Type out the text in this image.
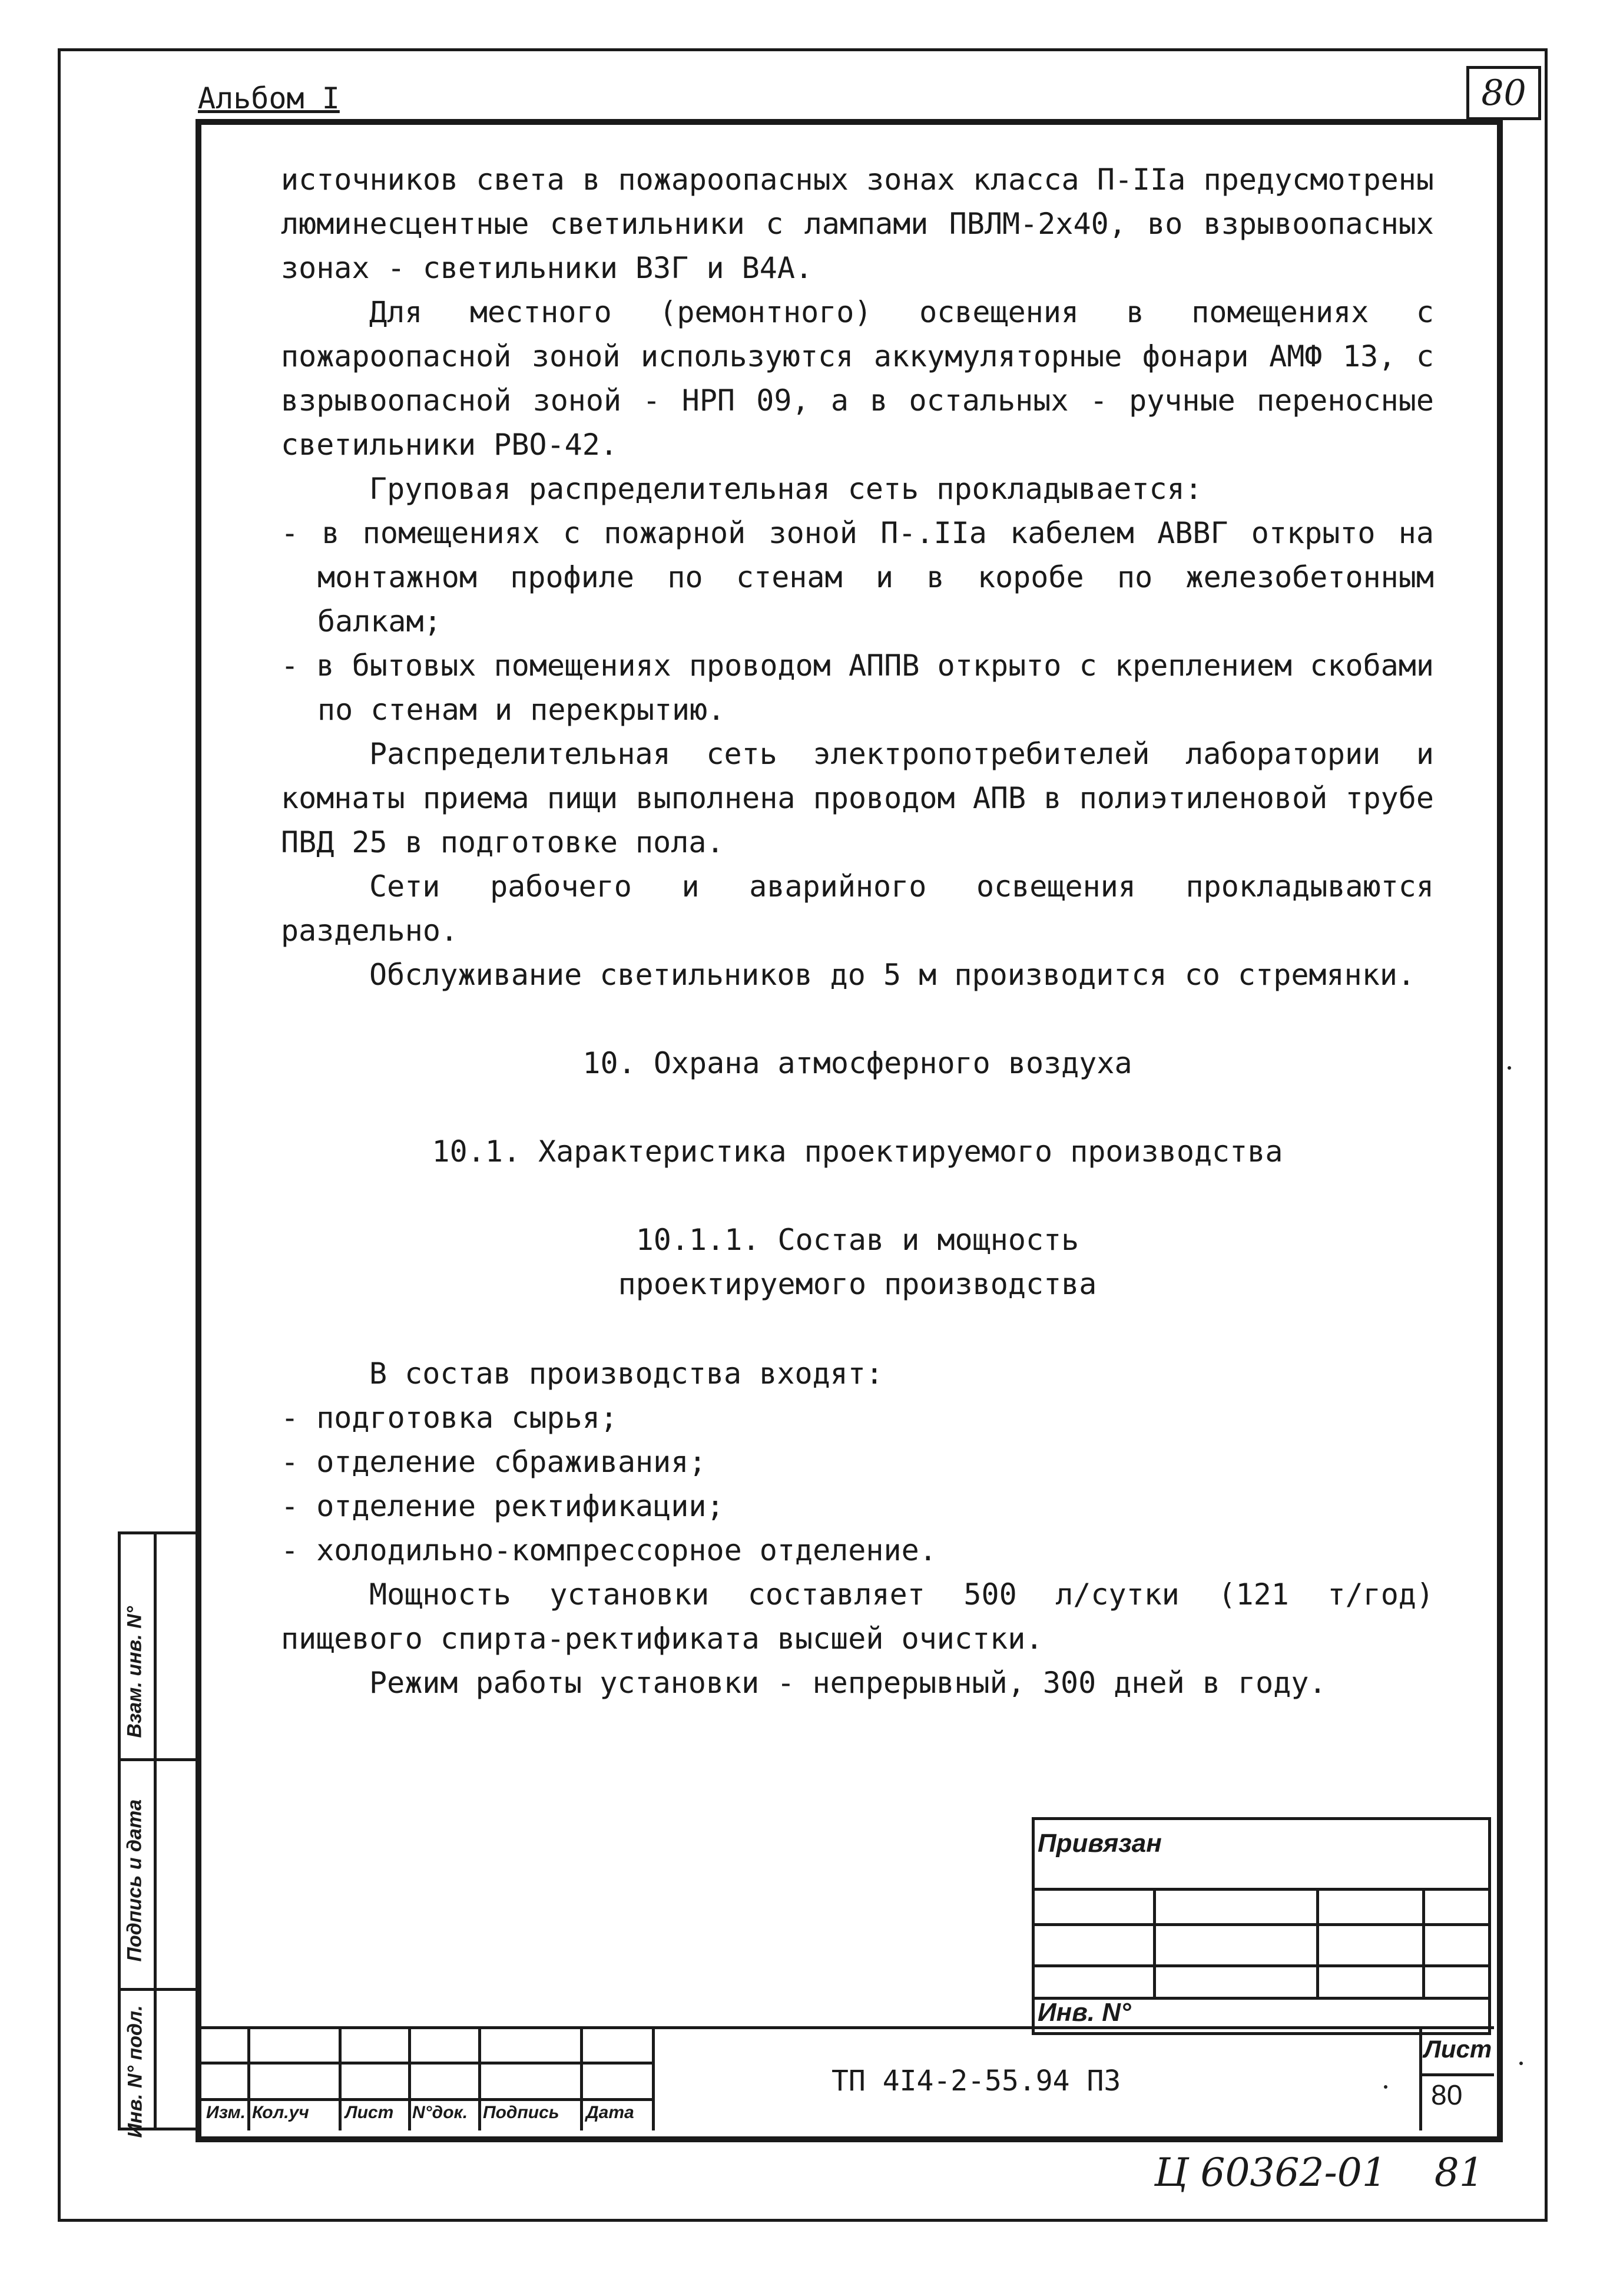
Альбом I	80

источников света в пожароопасных зонах класса П-IIa предусмотрены люминесцентные светильники с лампами ПВЛМ-2х40, во взрывоопасных зонах - светильники ВЗГ и В4А.

Для местного (ремонтного) освещения в помещениях с пожароопасной зоной используются аккумуляторные фонари АМФ 13, с взрывоопасной зоной - НРП 09, а в остальных - ручные переносные светильники РВО-42.

Груповая распределительная сеть прокладывается:

- в помещениях с пожарной зоной П-.IIa кабелем АВВГ открыто на монтажном профиле по стенам и в коробе по железобетонным балкам;

- в бытовых помещениях проводом АППВ открыто с креплением скобами по стенам и перекрытию.

Распределительная сеть электропотребителей лаборатории и комнаты приема пищи выполнена проводом АПВ в полиэтиленовой трубе ПВД 25 в подготовке пола.

Сети рабочего и аварийного освещения прокладываются раздельно.

Обслуживание светильников до 5 м производится со стремянки.

10. Охрана атмосферного воздуха

10.1. Характеристика проектируемого производства

10.1.1. Состав и мощность

проектируемого производства

В состав производства входят:

- подготовка сырья;

- отделение сбраживания;

- отделение ректификации;

- холодильно-компрессорное отделение.

Мощность установки составляет 500 л/сутки (121 т/год) пищевого спирта-ректификата высшей очистки.

Режим работы установки - непрерывный, 300 дней в году.

Взам. инв. N°
Подпись и дата
Инв. N° подл.
Привязан
Инв. N°
Изм. Кол.уч Лист N°док. Подпись Дата
ТП 4I4-2-55.94 ПЗ
Лист
80
Ц 60362-01 81
